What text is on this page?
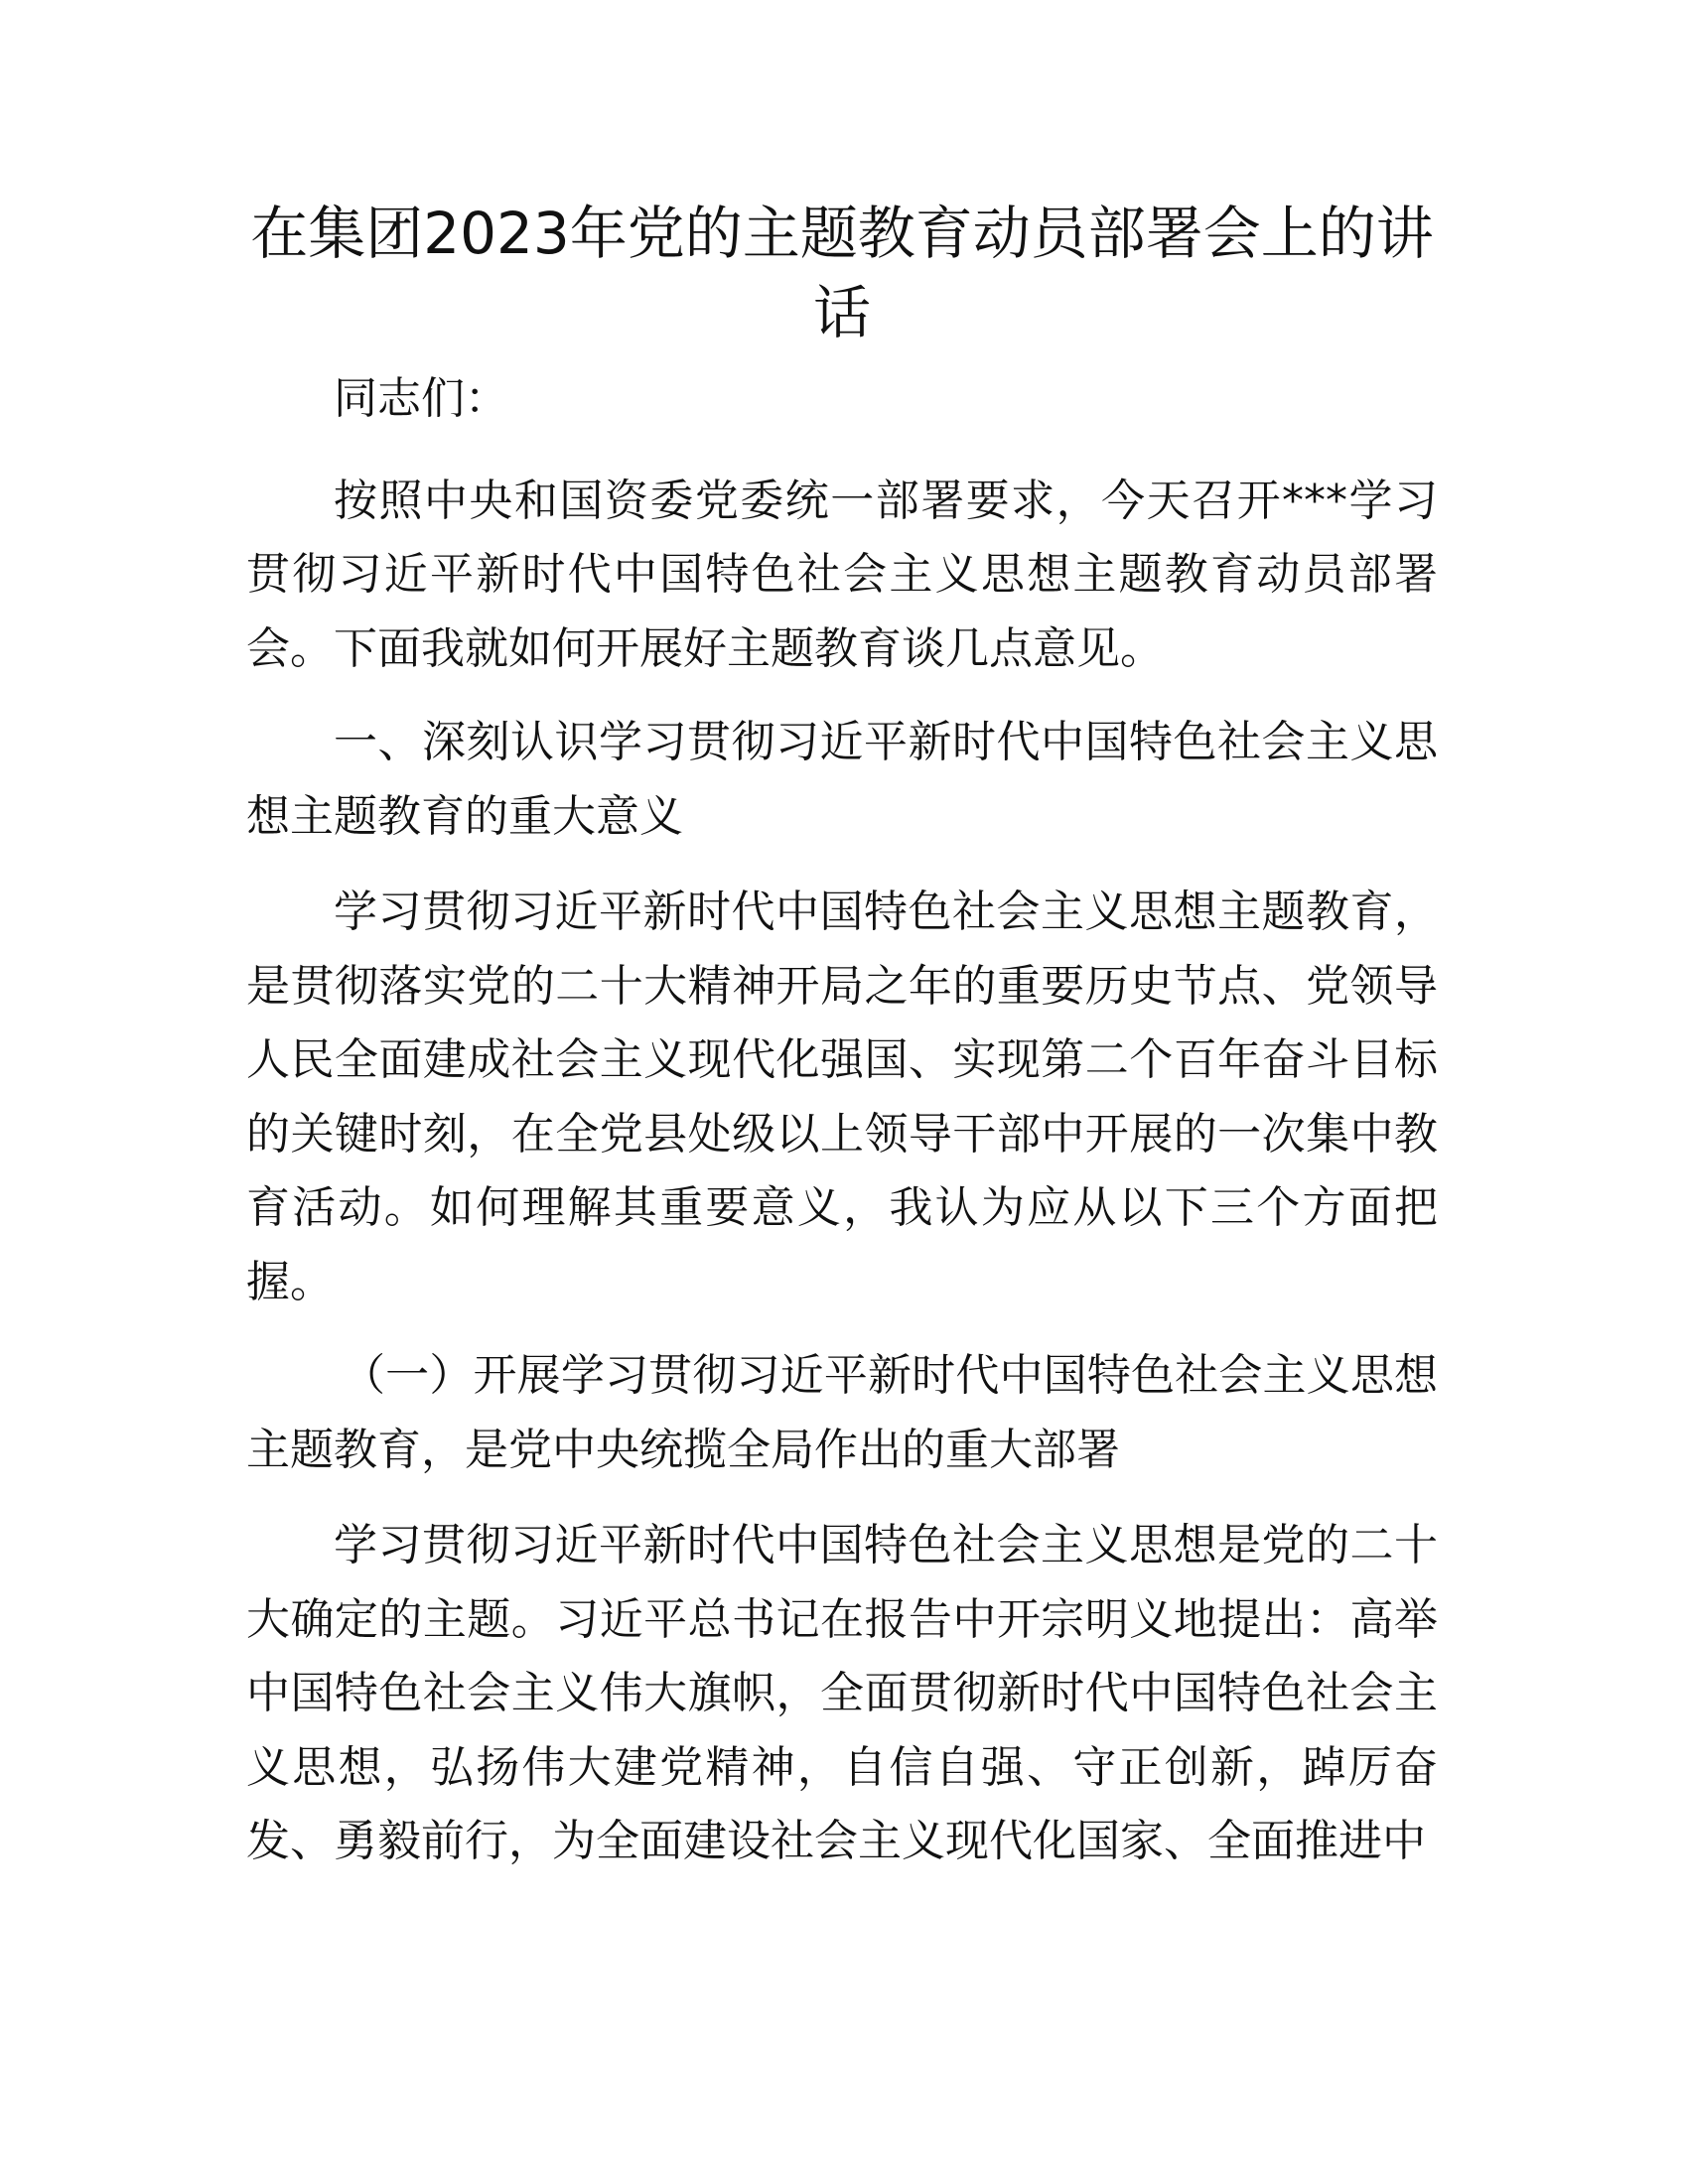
在集团2023年党的主题教育动员部署会上的讲话

同志们：

按照中央和国资委党委统一部署要求，今天召开***学习贯彻习近平新时代中国特色社会主义思想主题教育动员部署会。下面我就如何开展好主题教育谈几点意见。

一、深刻认识学习贯彻习近平新时代中国特色社会主义思想主题教育的重大意义

学习贯彻习近平新时代中国特色社会主义思想主题教育，是贯彻落实党的二十大精神开局之年的重要历史节点、党领导人民全面建成社会主义现代化强国、实现第二个百年奋斗目标的关键时刻，在全党县处级以上领导干部中开展的一次集中教育活动。如何理解其重要意义，我认为应从以下三个方面把握。

（一）开展学习贯彻习近平新时代中国特色社会主义思想主题教育，是党中央统揽全局作出的重大部署

学习贯彻习近平新时代中国特色社会主义思想是党的二十大确定的主题。习近平总书记在报告中开宗明义地提出：高举中国特色社会主义伟大旗帜，全面贯彻新时代中国特色社会主义思想，弘扬伟大建党精神，自信自强、守正创新，踔厉奋发、勇毅前行，为全面建设社会主义现代化国家、全面推进中
